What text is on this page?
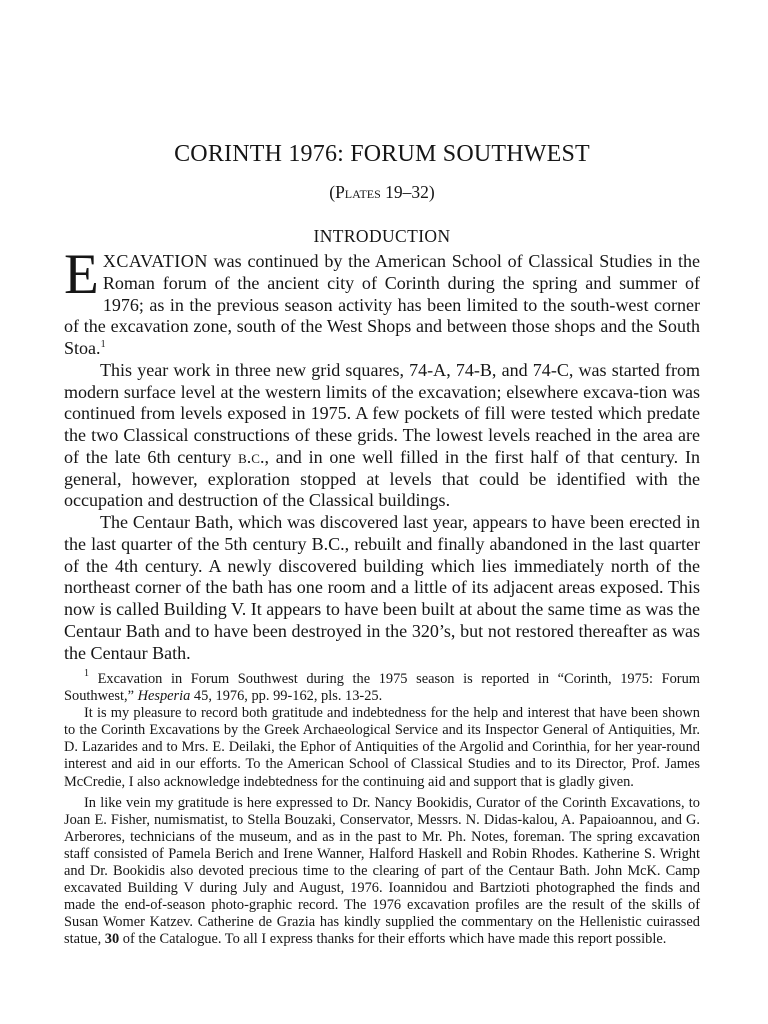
CORINTH 1976: FORUM SOUTHWEST
(Plates 19–32)
INTRODUCTION

EXCAVATION was continued by the American School of Classical Studies in the Roman forum of the ancient city of Corinth during the spring and summer of 1976; as in the previous season activity has been limited to the south-west corner of the excavation zone, south of the West Shops and between those shops and the South Stoa.$^1$

This year work in three new grid squares, 74-A, 74-B, and 74-C, was started from modern surface level at the western limits of the excavation; elsewhere excava-tion was continued from levels exposed in 1975. A few pockets of fill were tested which predate the two Classical constructions of these grids. The lowest levels reached in the area are of the late 6th century b.c., and in one well filled in the first half of that century. In general, however, exploration stopped at levels that could be identified with the occupation and destruction of the Classical buildings.

The Centaur Bath, which was discovered last year, appears to have been erected in the last quarter of the 5th century B.C., rebuilt and finally abandoned in the last quarter of the 4th century. A newly discovered building which lies immediately north of the northeast corner of the bath has one room and a little of its adjacent areas exposed. This now is called Building V. It appears to have been built at about the same time as was the Centaur Bath and to have been destroyed in the 320’s, but not restored thereafter as was the Centaur Bath.

$^1$ Excavation in Forum Southwest during the 1975 season is reported in “Corinth, 1975: Forum Southwest,” Hesperia 45, 1976, pp. 99-162, pls. 13-25.

It is my pleasure to record both gratitude and indebtedness for the help and interest that have been shown to the Corinth Excavations by the Greek Archaeological Service and its Inspector General of Antiquities, Mr. D. Lazarides and to Mrs. E. Deilaki, the Ephor of Antiquities of the Argolid and Corinthia, for her year-round interest and aid in our efforts. To the American School of Classical Studies and to its Director, Prof. James McCredie, I also acknowledge indebtedness for the continuing aid and support that is gladly given.

In like vein my gratitude is here expressed to Dr. Nancy Bookidis, Curator of the Corinth Excavations, to Joan E. Fisher, numismatist, to Stella Bouzaki, Conservator, Messrs. N. Didas-kalou, A. Papaioannou, and G. Arberores, technicians of the museum, and as in the past to Mr. Ph. Notes, foreman. The spring excavation staff consisted of Pamela Berich and Irene Wanner, Halford Haskell and Robin Rhodes. Katherine S. Wright and Dr. Bookidis also devoted precious time to the clearing of part of the Centaur Bath. John McK. Camp excavated Building V during July and August, 1976. Ioannidou and Bartzioti photographed the finds and made the end-of-season photo-graphic record. The 1976 excavation profiles are the result of the skills of Susan Womer Katzev. Catherine de Grazia has kindly supplied the commentary on the Hellenistic cuirassed statue, 30 of the Catalogue. To all I express thanks for their efforts which have made this report possible.
